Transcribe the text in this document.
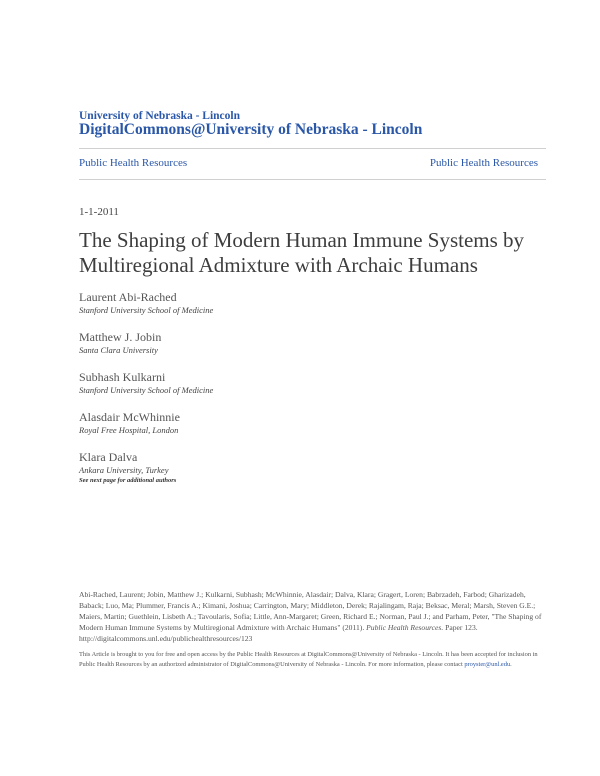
University of Nebraska - Lincoln
DigitalCommons@University of Nebraska - Lincoln
Public Health Resources	Public Health Resources
1-1-2011
The Shaping of Modern Human Immune Systems by Multiregional Admixture with Archaic Humans
Laurent Abi-Rached
Stanford University School of Medicine
Matthew J. Jobin
Santa Clara University
Subhash Kulkarni
Stanford University School of Medicine
Alasdair McWhinnie
Royal Free Hospital, London
Klara Dalva
Ankara University, Turkey
See next page for additional authors
Abi-Rached, Laurent; Jobin, Matthew J.; Kulkarni, Subhash; McWhinnie, Alasdair; Dalva, Klara; Gragert, Loren; Babrzadeh, Farbod; Gharizadeh, Baback; Luo, Ma; Plummer, Francis A.; Kimani, Joshua; Carrington, Mary; Middleton, Derek; Rajalingam, Raja; Beksac, Meral; Marsh, Steven G.E.; Maiers, Martin; Guethlein, Lisbeth A.; Tavoularis, Sofia; Little, Ann-Margaret; Green, Richard E.; Norman, Paul J.; and Parham, Peter, "The Shaping of Modern Human Immune Systems by Multiregional Admixture with Archaic Humans" (2011). Public Health Resources. Paper 123.
http://digitalcommons.unl.edu/publichealthresources/123
This Article is brought to you for free and open access by the Public Health Resources at DigitalCommons@University of Nebraska - Lincoln. It has been accepted for inclusion in Public Health Resources by an authorized administrator of DigitalCommons@University of Nebraska - Lincoln. For more information, please contact proyster@unl.edu.
